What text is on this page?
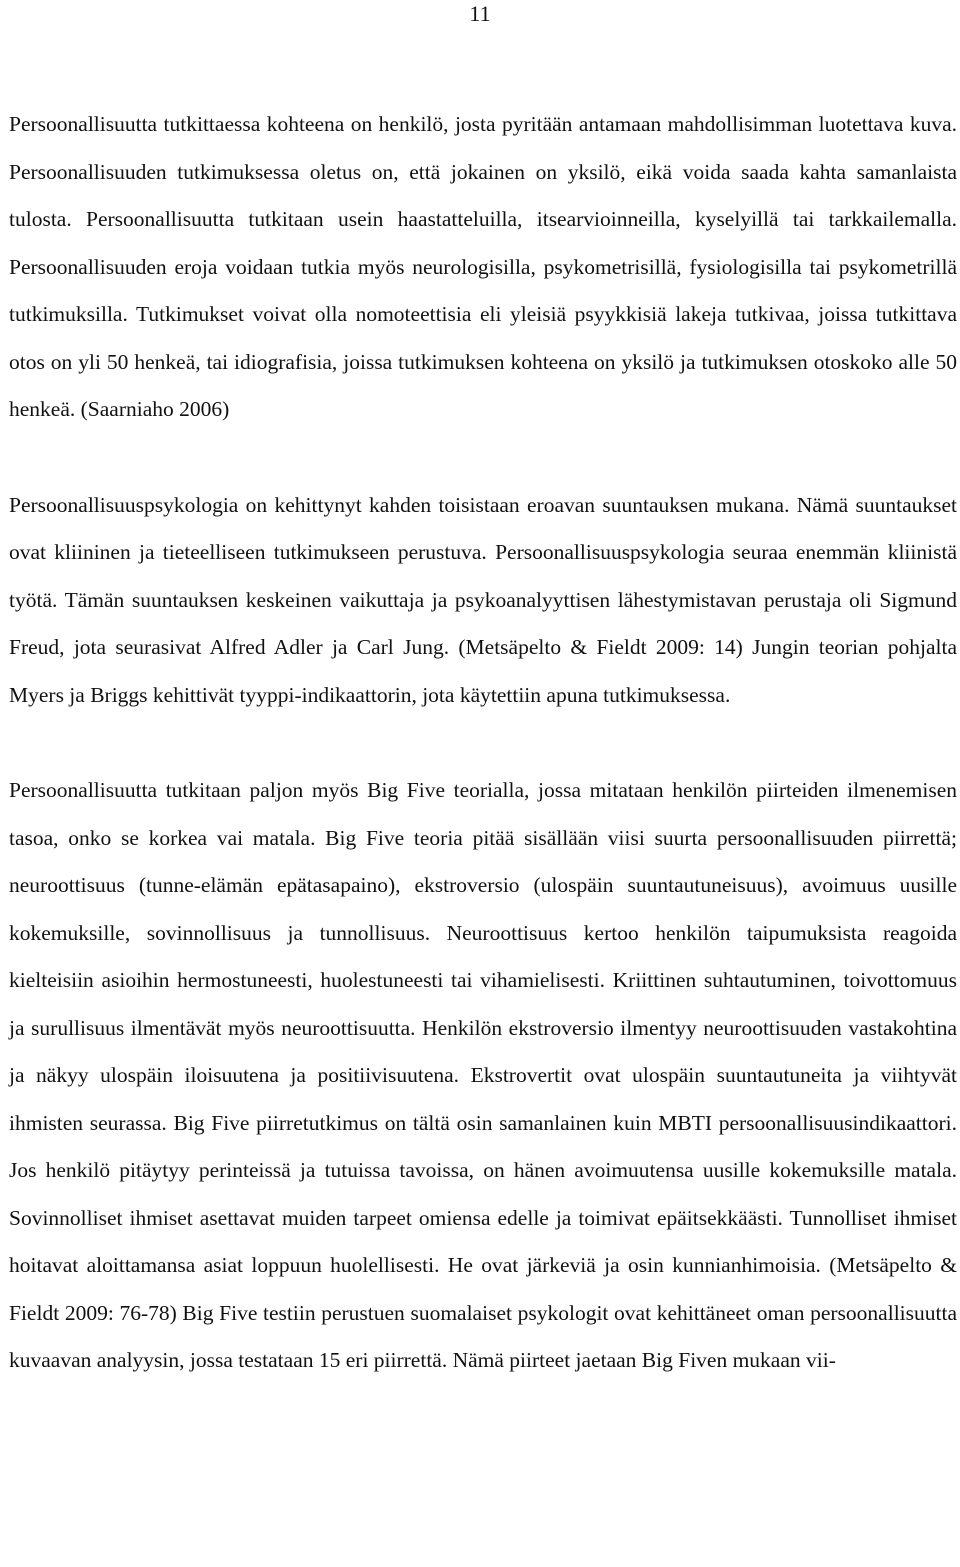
11

Persoonallisuutta tutkittaessa kohteena on henkilö, josta pyritään antamaan mahdollisimman luotettava kuva. Persoonallisuuden tutkimuksessa oletus on, että jokainen on yksilö, eikä voida saada kahta samanlaista tulosta. Persoonallisuutta tutkitaan usein haastatteluilla, itsearvioinneilla, kyselyillä tai tarkkailemalla. Persoonallisuuden eroja voidaan tutkia myös neurologisilla, psykometrisillä, fysiologisilla tai psykometrillä tutkimuksilla. Tutkimukset voivat olla nomoteettisia eli yleisiä psyykkisiä lakeja tutkivaa, joissa tutkittava otos on yli 50 henkeä, tai idiografisia, joissa tutkimuksen kohteena on yksilö ja tutkimuksen otoskoko alle 50 henkeä. (Saarniaho 2006)

Persoonallisuuspsykologia on kehittynyt kahden toisistaan eroavan suuntauksen mukana. Nämä suuntaukset ovat kliininen ja tieteelliseen tutkimukseen perustuva. Persoonallisuuspsykologia seuraa enemmän kliinistä työtä. Tämän suuntauksen keskeinen vaikuttaja ja psykoanalyyttisen lähestymistavan perustaja oli Sigmund Freud, jota seurasivat Alfred Adler ja Carl Jung. (Metsäpelto & Fieldt 2009: 14) Jungin teorian pohjalta Myers ja Briggs kehittivät tyyppi-indikaattorin, jota käytettiin apuna tutkimuksessa.

Persoonallisuutta tutkitaan paljon myös Big Five teorialla, jossa mitataan henkilön piirteiden ilmenemisen tasoa, onko se korkea vai matala. Big Five teoria pitää sisällään viisi suurta persoonallisuuden piirrettä; neuroottisuus (tunne-elämän epätasapaino), ekstroversio (ulospäin suuntautuneisuus), avoimuus uusille kokemuksille, sovinnollisuus ja tunnollisuus. Neuroottisuus kertoo henkilön taipumuksista reagoida kielteisiin asioihin hermostuneesti, huolestuneesti tai vihamielisesti. Kriittinen suhtautuminen, toivottomuus ja surullisuus ilmentävät myös neuroottisuutta. Henkilön ekstroversio ilmentyy neuroottisuuden vastakohtina ja näkyy ulospäin iloisuutena ja positiivisuutena. Ekstrovertit ovat ulospäin suuntautuneita ja viihtyvät ihmisten seurassa. Big Five piirretutkimus on tältä osin samanlainen kuin MBTI persoonallisuusindikaattori. Jos henkilö pitäytyy perinteissä ja tutuissa tavoissa, on hänen avoimuutensa uusille kokemuksille matala. Sovinnolliset ihmiset asettavat muiden tarpeet omiensa edelle ja toimivat epäitsekkäästi. Tunnolliset ihmiset hoitavat aloittamansa asiat loppuun huolellisesti. He ovat järkeviä ja osin kunnianhimoisia. (Metsäpelto & Fieldt 2009: 76-78) Big Five testiin perustuen suomalaiset psykologit ovat kehittäneet oman persoonallisuutta kuvaavan analyysin, jossa testataan 15 eri piirrettä. Nämä piirteet jaetaan Big Fiven mukaan vii-
